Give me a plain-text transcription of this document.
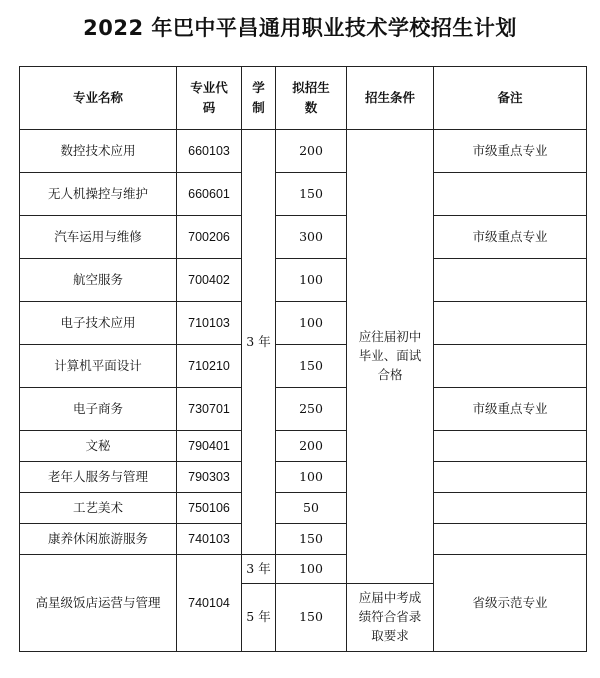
2022 年巴中平昌通用职业技术学校招生计划
专业名称	专业代码	学制	拟招生数	招生条件	备注
数控技术应用	660103	3 年	200	应往届初中毕业、面试合格	市级重点专业
无人机操控与维护	660601		150		
汽车运用与维修	700206		300		市级重点专业
航空服务	700402		100		
电子技术应用	710103		100		
计算机平面设计	710210		150		
电子商务	730701		250		市级重点专业
文秘	790401		200		
老年人服务与管理	790303		100		
工艺美术	750106		50		
康养休闲旅游服务	740103		150		
高星级饭店运营与管理	740104	3 年	100		省级示范专业
		5 年	150	应届中考成绩符合省录取要求	
